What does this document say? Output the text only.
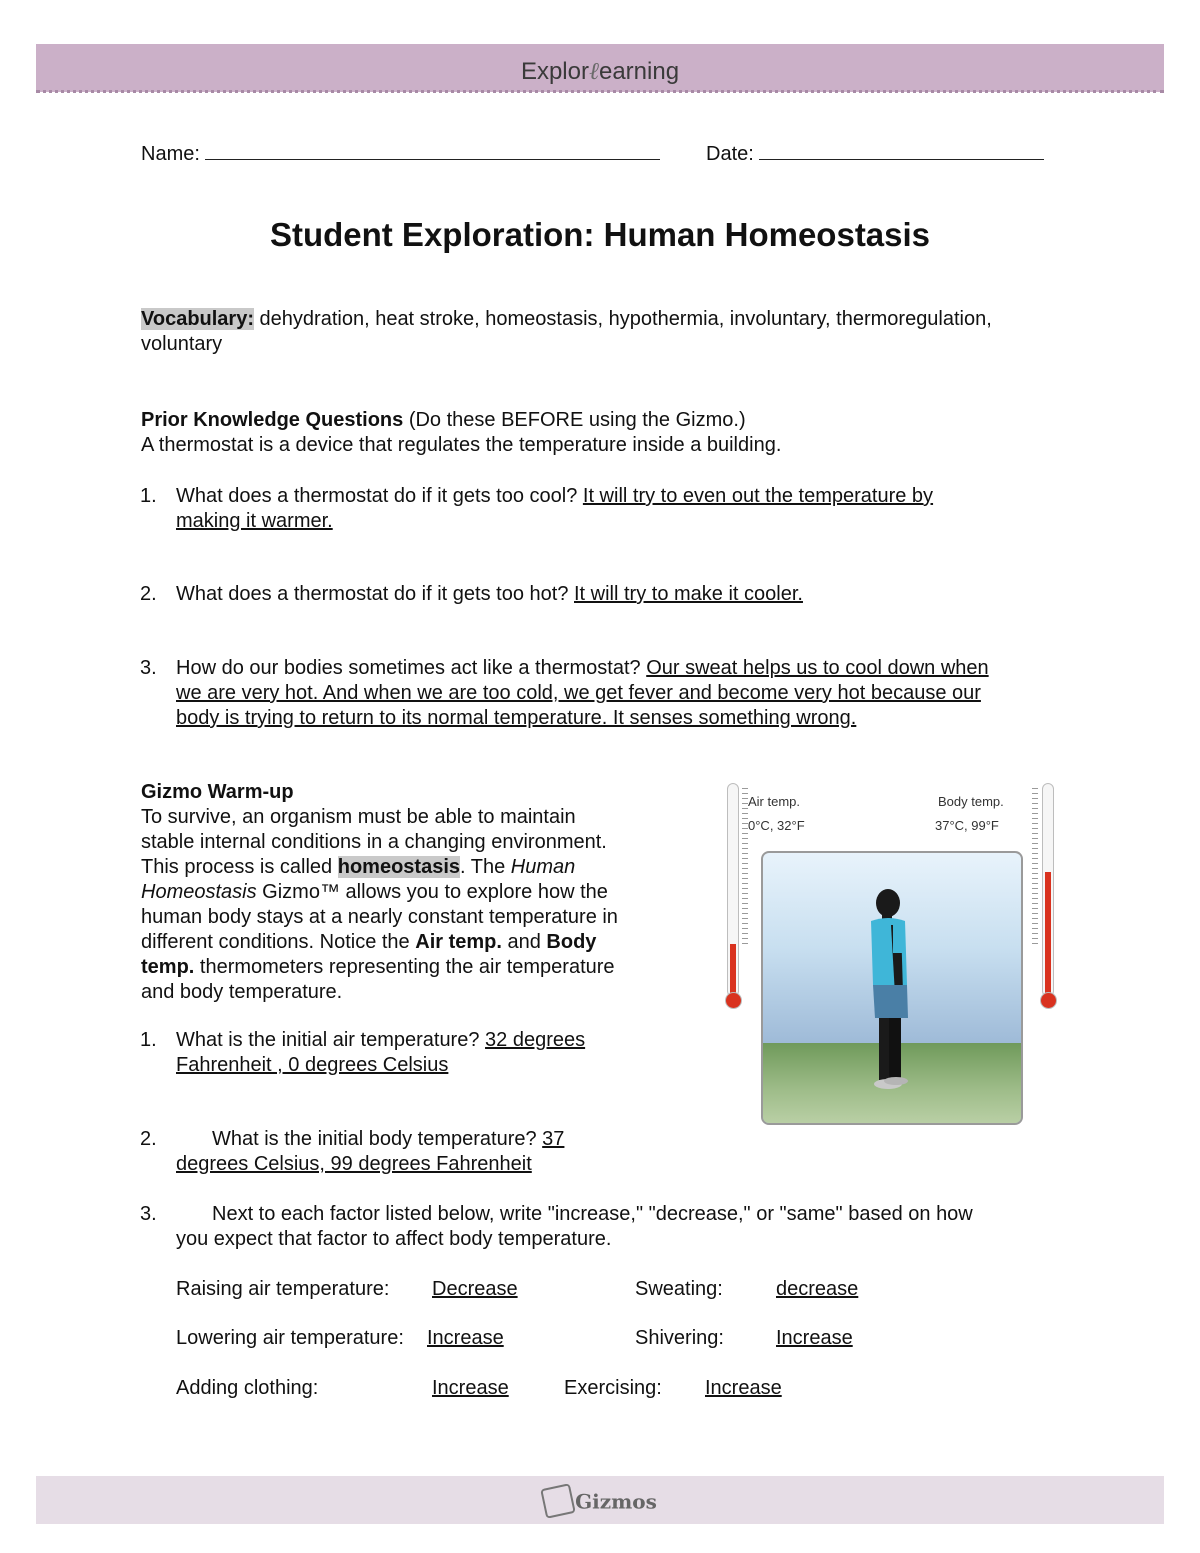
Explorℓearning
Name:	Date:
Student Exploration: Human Homeostasis
Vocabulary: dehydration, heat stroke, homeostasis, hypothermia, involuntary, thermoregulation,
voluntary
Prior Knowledge Questions (Do these BEFORE using the Gizmo.)
A thermostat is a device that regulates the temperature inside a building.
1. What does a thermostat do if it gets too cool? It will try to even out the temperature by
making it warmer.
2. What does a thermostat do if it gets too hot? It will try to make it cooler.
3. How do our bodies sometimes act like a thermostat? Our sweat helps us to cool down when
we are very hot. And when we are too cold, we get fever and become very hot because our
body is trying to return to its normal temperature. It senses something wrong.
Gizmo Warm-up
To survive, an organism must be able to maintain
stable internal conditions in a changing environment.
This process is called homeostasis. The Human
Homeostasis Gizmo™ allows you to explore how the
human body stays at a nearly constant temperature in
different conditions. Notice the Air temp. and Body
temp. thermometers representing the air temperature
and body temperature.
1. What is the initial air temperature? 32 degrees
Fahrenheit , 0 degrees Celsius
2.	What is the initial body temperature? 37
degrees Celsius, 99 degrees Fahrenheit
3.	Next to each factor listed below, write "increase," "decrease," or "same" based on how
you expect that factor to affect body temperature.
Raising air temperature: Decrease	Sweating:	decrease
Lowering air temperature: Increase	Shivering:	Increase
Adding clothing:	Increase	Exercising: Increase
Air temp.
0°C, 32°F
Body temp.
37°C, 99°F
Gizmos
